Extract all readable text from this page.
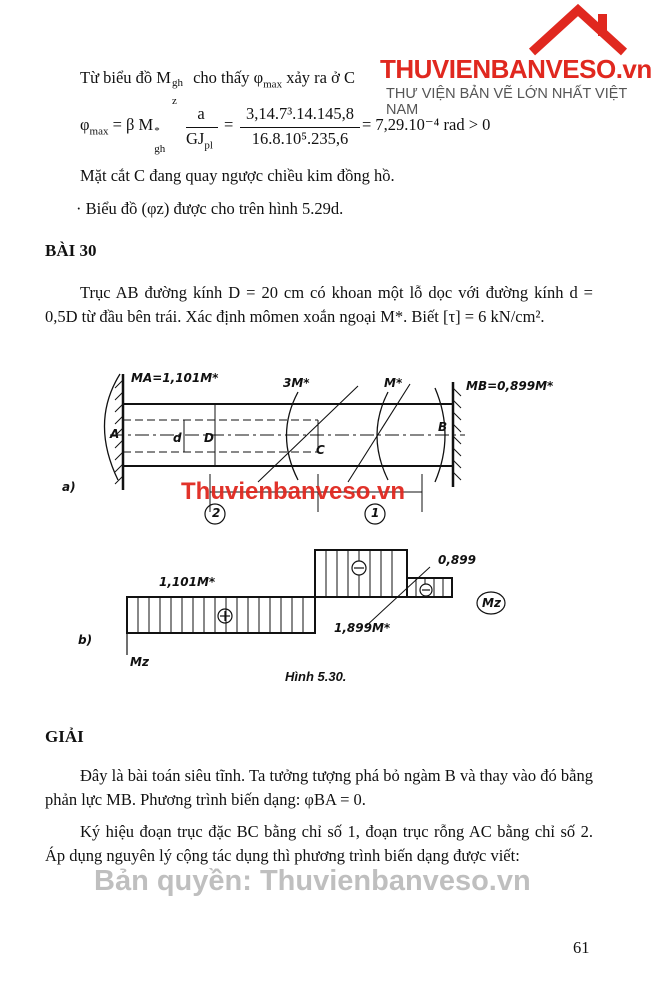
THUVIENBANVESO.vn
THƯ VIỆN BẢN VẼ LỚN NHẤT VIỆT NAM
Từ biểu đồ M gh
z
cho thấy $\varphi_{max}$ xảy ra ở C
$\varphi_{max} = \beta$ M *
gh
a
$GJ_{pl}$
=
3,14.7³.14.145,8
16.8.10⁵.235,6
= 7,29.10⁻⁴ rad > 0
Mặt cắt C đang quay ngược chiều kim đồng hồ.
· Biểu đồ (φz) được cho trên hình 5.29d.
BÀI 30
Trục AB đường kính D = 20 cm có khoan một lỗ dọc với đường kính d = 0,5D từ đầu bên trái. Xác định mômen xoắn ngoại M*. Biết [τ] = 6 kN/cm².
MA=1,101M*	3M*	M*	MB=0,899M*
A	B
C
d D
a)
2	1
1,101M*
0,899
1,899M*
Mz
b)
Mz
Hình 5.30.
Thuvienbanveso.vn
GIẢI
Đây là bài toán siêu tĩnh. Ta tưởng tượng phá bỏ ngàm B và thay vào đó bằng phản lực MB. Phương trình biến dạng: φBA = 0.
Ký hiệu đoạn trục đặc BC bằng chỉ số 1, đoạn trục rỗng AC bằng chỉ số 2. Áp dụng nguyên lý cộng tác dụng thì phương trình biến dạng được viết:
Bản quyền: Thuvienbanveso.vn
61
